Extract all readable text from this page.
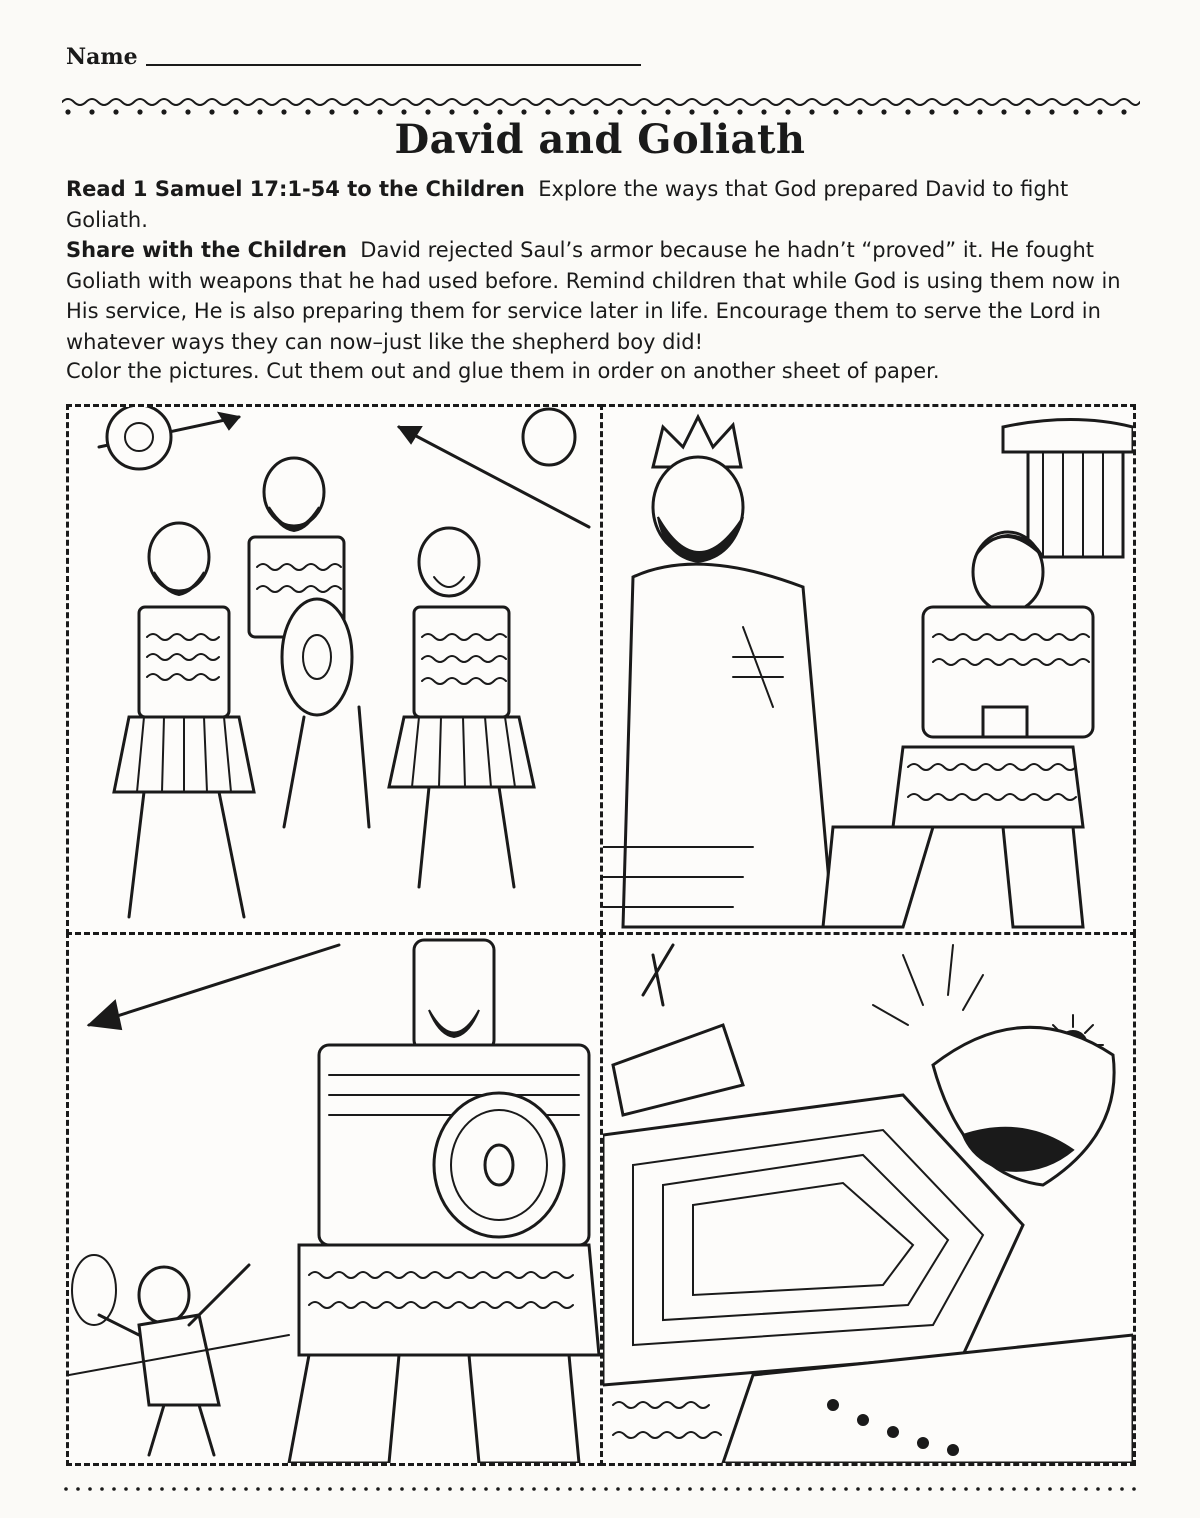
Name
David and Goliath
Read 1 Samuel 17:1-54 to the Children Explore the ways that God prepared David to fight Goliath.
Share with the Children David rejected Saul’s armor because he hadn’t “proved” it. He fought Goliath with weapons that he had used before. Remind children that while God is using them now in His service, He is also preparing them for service later in life. Encourage them to serve the Lord in whatever ways they can now–just like the shepherd boy did!
Color the pictures. Cut them out and glue them in order on another sheet of paper.
